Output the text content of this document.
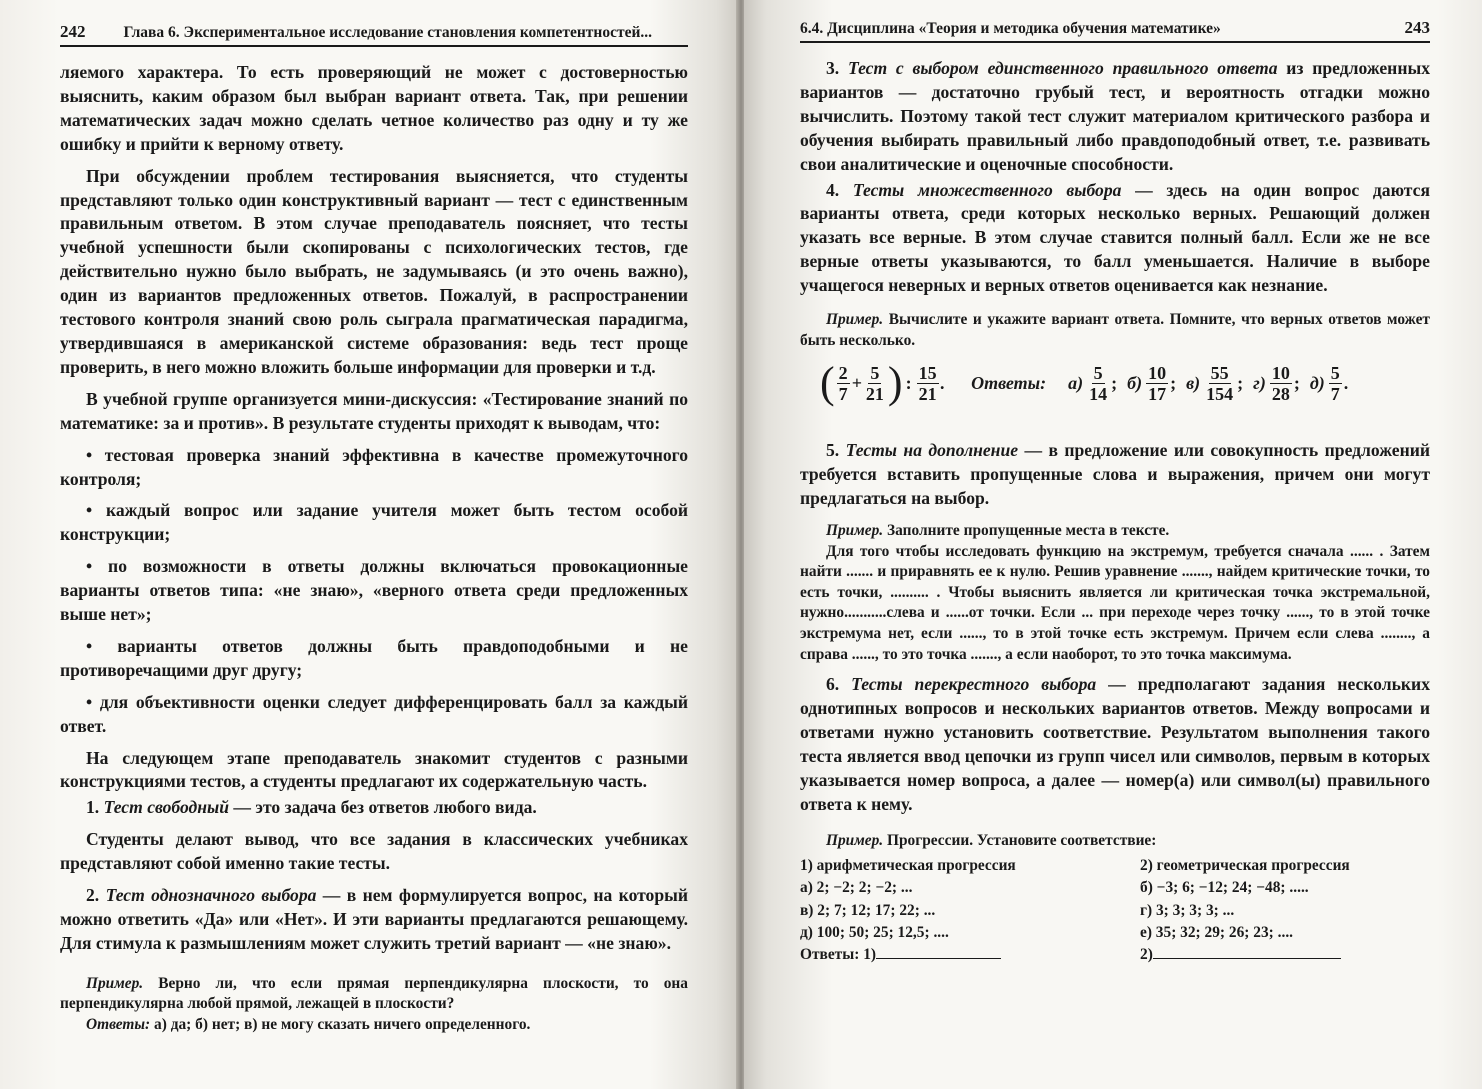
242 Глава 6. Экспериментальное исследование становления компетентностей...

ляемого характера. То есть проверяющий не может с достоверностью выяснить, каким образом был выбран вариант ответа. Так, при решении математических задач можно сделать четное количество раз одну и ту же ошибку и прийти к верному ответу.

При обсуждении проблем тестирования выясняется, что студенты представляют только один конструктивный вариант — тест с единственным правильным ответом. В этом случае преподаватель поясняет, что тесты учебной успешности были скопированы с психологических тестов, где действительно нужно было выбрать, не задумываясь (и это очень важно), один из вариантов предложенных ответов. Пожалуй, в распространении тестового контроля знаний свою роль сыграла прагматическая парадигма, утвердившаяся в американской системе образования: ведь тест проще проверить, в него можно вложить больше информации для проверки и т.д.

В учебной группе организуется мини-дискуссия: «Тестирование знаний по математике: за и против». В результате студенты приходят к выводам, что:

• тестовая проверка знаний эффективна в качестве промежуточного контроля;

• каждый вопрос или задание учителя может быть тестом особой конструкции;

• по возможности в ответы должны включаться провокационные варианты ответов типа: «не знаю», «верного ответа среди предложенных выше нет»;

• варианты ответов должны быть правдоподобными и не противоречащими друг другу;

• для объективности оценки следует дифференцировать балл за каждый ответ.

На следующем этапе преподаватель знакомит студентов с разными конструкциями тестов, а студенты предлагают их содержательную часть.

1. Тест свободный — это задача без ответов любого вида.

Студенты делают вывод, что все задания в классических учебниках представляют собой именно такие тесты.

2. Тест однозначного выбора — в нем формулируется вопрос, на который можно ответить «Да» или «Нет». И эти варианты предлагаются решающему. Для стимула к размышлениям может служить третий вариант — «не знаю».

Пример. Верно ли, что если прямая перпендикулярна плоскости, то она перпендикулярна любой прямой, лежащей в плоскости?

Ответы: а) да; б) нет; в) не могу сказать ничего определенного.

6.4. Дисциплина «Теория и методика обучения математике»	243

3. Тест с выбором единственного правильного ответа из предложенных вариантов — достаточно грубый тест, и вероятность отгадки можно вычислить. Поэтому такой тест служит материалом критического разбора и обучения выбирать правильный либо правдоподобный ответ, т.е. развивать свои аналитические и оценочные способности.

4. Тесты множественного выбора — здесь на один вопрос даются варианты ответа, среди которых несколько верных. Решающий должен указать все верные. В этом случае ставится полный балл. Если же не все верные ответы указываются, то балл уменьшается. Наличие в выборе учащегося неверных и верных ответов оценивается как незнание.

Пример. Вычислите и укажите вариант ответа. Помните, что верных ответов может быть несколько.

( $\frac{2}{7} + \frac{5}{21}$ ) : $\frac{15}{21}$ . Ответы: $а) \frac{5}{14}$ ; $б) \frac{10}{17}$ ; $в) \frac{55}{154}$ ; $г) \frac{10}{28}$ ; $д) \frac{5}{7}$ .

5. Тесты на дополнение — в предложение или совокупность предложений требуется вставить пропущенные слова и выражения, причем они могут предлагаться на выбор.

Пример. Заполните пропущенные места в тексте.

Для того чтобы исследовать функцию на экстремум, требуется сначала ...... . Затем найти ....... и приравнять ее к нулю. Решив уравнение ......., найдем критические точки, то есть точки, .......... . Чтобы выяснить является ли критическая точка экстремальной, нужно...........слева и ......от точки. Если ... при переходе через точку ......, то в этой точке экстремума нет, если ......, то в этой точке есть экстремум. Причем если слева ........, а справа ......, то это точка ......., а если наоборот, то это точка максимума.

6. Тесты перекрестного выбора — предполагают задания нескольких однотипных вопросов и нескольких вариантов ответов. Между вопросами и ответами нужно установить соответствие. Результатом выполнения такого теста является ввод цепочки из групп чисел или символов, первым в которых указывается номер вопроса, а далее — номер(а) или символ(ы) правильного ответа к нему.

Пример. Прогрессии. Установите соответствие:

1) арифметическая прогрессия	2) геометрическая прогрессия
а) 2; −2; 2; −2; ...	б) −3; 6; −12; 24; −48; .....
в) 2; 7; 12; 17; 22; ...	г) 3; 3; 3; 3; ...
д) 100; 50; 25; 12,5; ....	е) 35; 32; 29; 26; 23; ....
Ответы: 1)	2)
